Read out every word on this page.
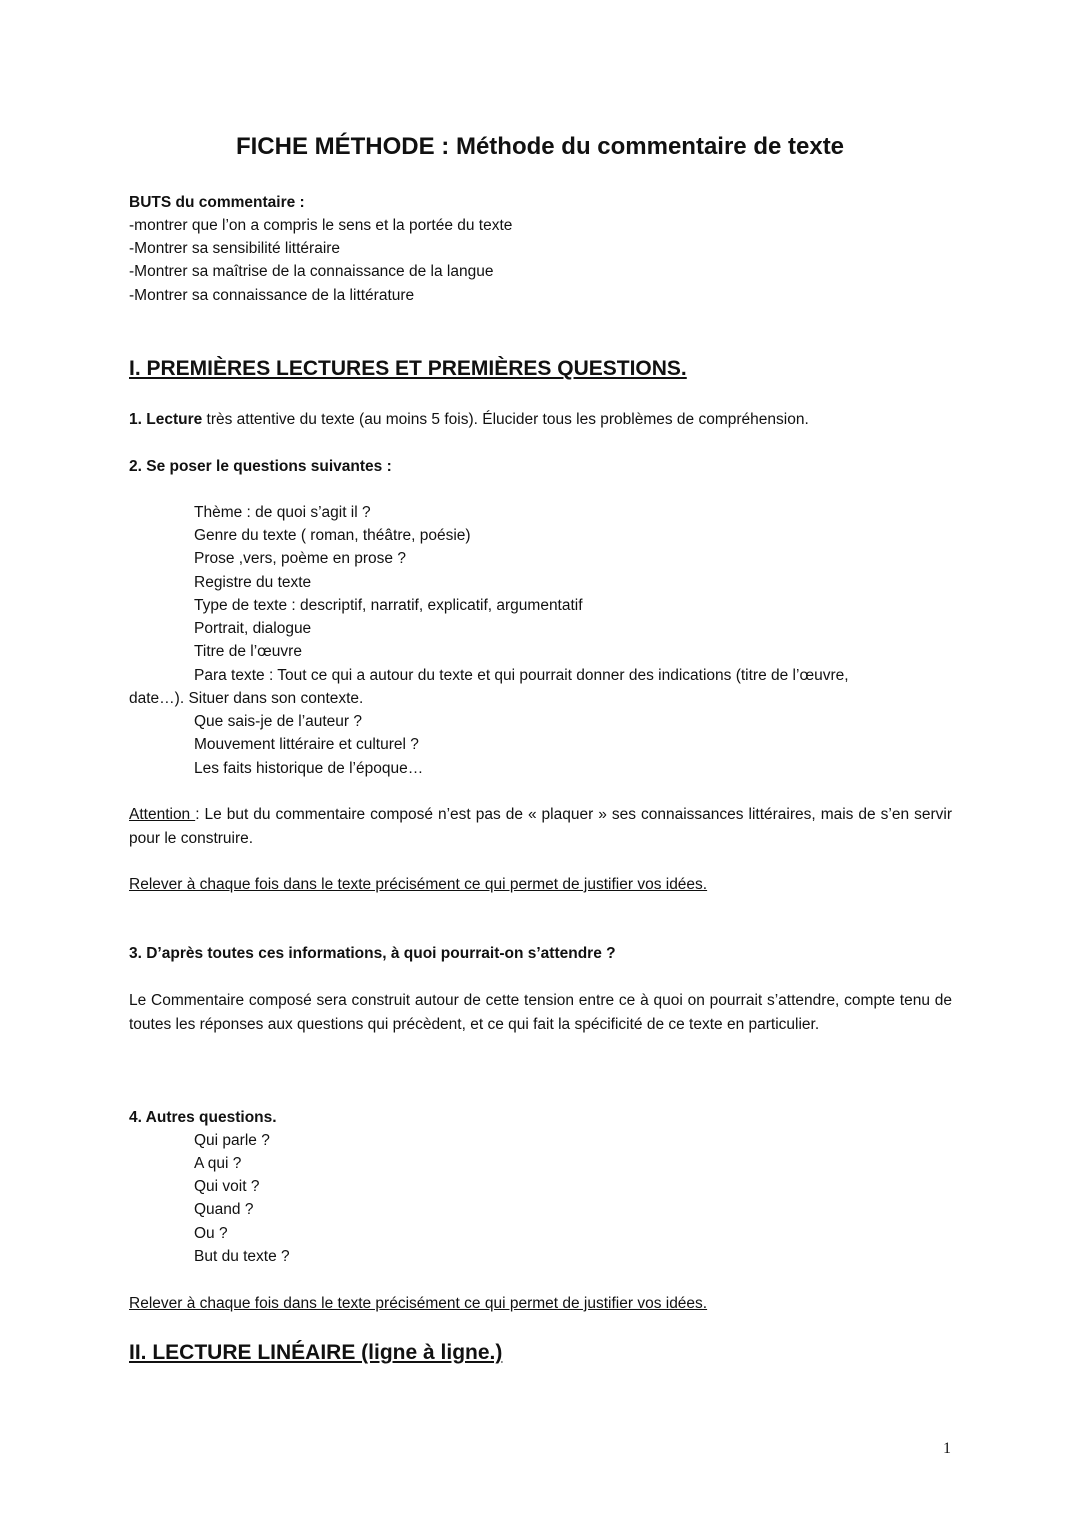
FICHE MÉTHODE : Méthode du commentaire de texte
BUTS du commentaire :
-montrer que l’on a compris le sens et la portée du texte
-Montrer sa sensibilité littéraire
-Montrer sa maîtrise de la connaissance de la langue
-Montrer sa connaissance de la littérature
I. PREMIÈRES LECTURES ET PREMIÈRES QUESTIONS.
1. Lecture très attentive du texte (au moins 5 fois). Élucider tous les problèmes de compréhension.
2. Se poser le questions suivantes :
Thème : de quoi s’agit il ?
Genre du texte ( roman, théâtre, poésie)
Prose ,vers, poème en prose ?
Registre du texte
Type de texte : descriptif, narratif, explicatif, argumentatif
Portrait, dialogue
Titre de l’œuvre
Para texte : Tout ce qui a autour du texte et qui pourrait donner des indications (titre de l’œuvre,
date…). Situer dans son contexte.
Que sais-je de l’auteur ?
Mouvement littéraire et culturel ?
Les faits historique de l’époque…
Attention : Le but du commentaire composé n’est pas de « plaquer » ses connaissances littéraires, mais de s’en servir pour le construire.
Relever à chaque fois dans le texte précisément ce qui permet de justifier vos idées.
3. D’après toutes ces informations, à quoi pourrait-on s’attendre ?
Le Commentaire composé sera construit autour de cette tension entre ce à quoi on pourrait s’attendre, compte tenu de toutes les réponses aux questions qui précèdent, et ce qui fait la spécificité de ce texte en particulier.
4. Autres questions.
Qui parle ?
A qui ?
Qui voit ?
Quand ?
Ou ?
But du texte ?
Relever à chaque fois dans le texte précisément ce qui permet de justifier vos idées.
II. LECTURE LINÉAIRE (ligne à ligne.)
1
